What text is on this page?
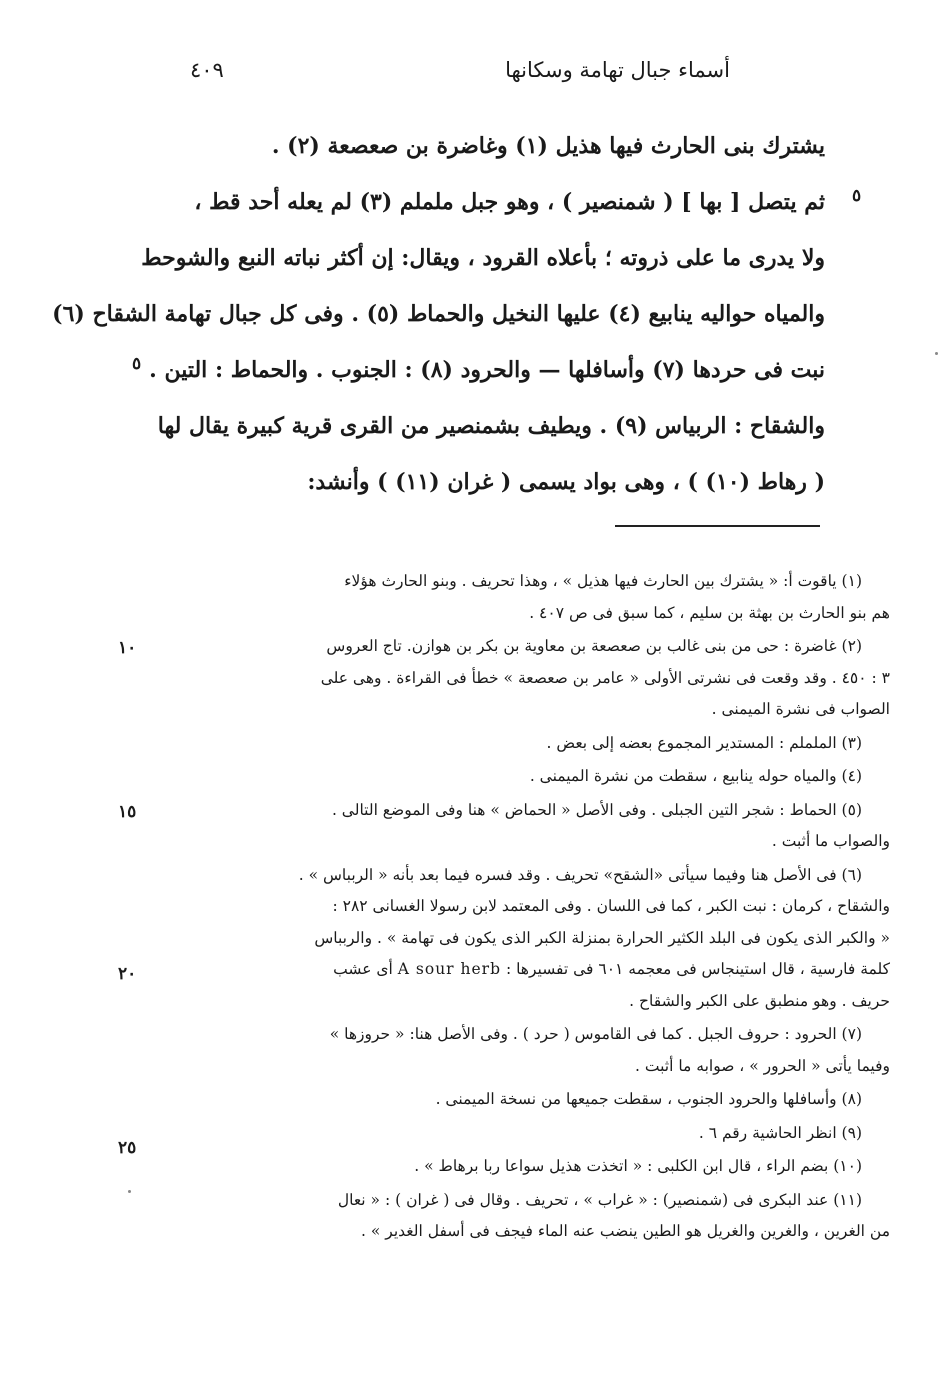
أسماء جبال تهامة وسكانها
٤٠٩
يشترك بنى الحارث فيها هذيل (١) وغاضرة بن صعصعة (٢) .
ثم يتصل [ بها ] ( شمنصير ) ، وهو جبل ململم (٣) لم يعله أحد قط ،
ولا يدرى ما على ذروته ؛ بأعلاه القرود ، ويقال: إن أكثر نباته النبع والشوحط
والمياه حواليه ينابيع (٤) عليها النخيل والحماط (٥) . وفى كل جبال تهامة الشقاح (٦)
نبت فى حردها (٧) وأسافلها — والحرود (٨) : الجنوب . والحماط : التين .
والشقاح : الربياس (٩) . ويطيف بشمنصير من القرى قرية كبيرة يقال لها
( رهاط (١٠) ) ، وهى بواد يسمى ( غران (١١) ) وأنشد:
٥
٥
١٠
١٥
٢٠
٢٥
(١) ياقوت أ: « يشترك بين الحارث فيها هذيل » ، وهذا تحريف . وبنو الحارث هؤلاء
هم بنو الحارث بن بهثة بن سليم ، كما سبق فى ص ٤٠٧ .
(٢) غاضرة : حى من بنى غالب بن صعصعة بن معاوية بن بكر بن هوازن. تاج العروس
٣ : ٤٥٠ . وقد وقعت فى نشرتى الأولى « عامر بن صعصعة » خطأ فى القراءة . وهى على
الصواب فى نشرة الميمنى .
(٣) الململم : المستدير المجموع بعضه إلى بعض .
(٤) والمياه حوله ينابيع ، سقطت من نشرة الميمنى .
(٥) الحماط : شجر التين الجبلى . وفى الأصل « الحماض » هنا وفى الموضع التالى .
والصواب ما أثبت .
(٦) فى الأصل هنا وفيما سيأتى «الشقح» تحريف . وقد فسره فيما بعد بأنه « الربباس » .
والشقاح ، كرمان : نبت الكبر ، كما فى اللسان . وفى المعتمد لابن رسولا الغسانى ٢٨٢ :
« والكبر الذى يكون فى البلد الكثير الحرارة بمنزلة الكبر الذى يكون فى تهامة » . والربباس
كلمة فارسية ، قال استينجاس فى معجمه ٦٠١ فى تفسيرها : A sour herb أى عشب
حريف . وهو منطبق على الكبر والشقاح .
(٧) الحرود : حروف الجبل . كما فى القاموس ( حرد ) . وفى الأصل هنا: « حروزها »
وفيما يأتى « الحرور » ، صوابه ما أثبت .
(٨) وأسافلها والحرود الجنوب ، سقطت جميعها من نسخة الميمنى .
(٩) انظر الحاشية رقم ٦ .
(١٠) بضم الراء ، قال ابن الكلبى : « اتخذت هذيل سواعا ربا برهاط » .
(١١) عند البكرى فى (شمنصير) : « غراب » ، تحريف . وقال فى ( غران ) : « نعال
من الغرين ، والغرين والغريل هو الطين ينضب عنه الماء فيجف فى أسفل الغدير » .
